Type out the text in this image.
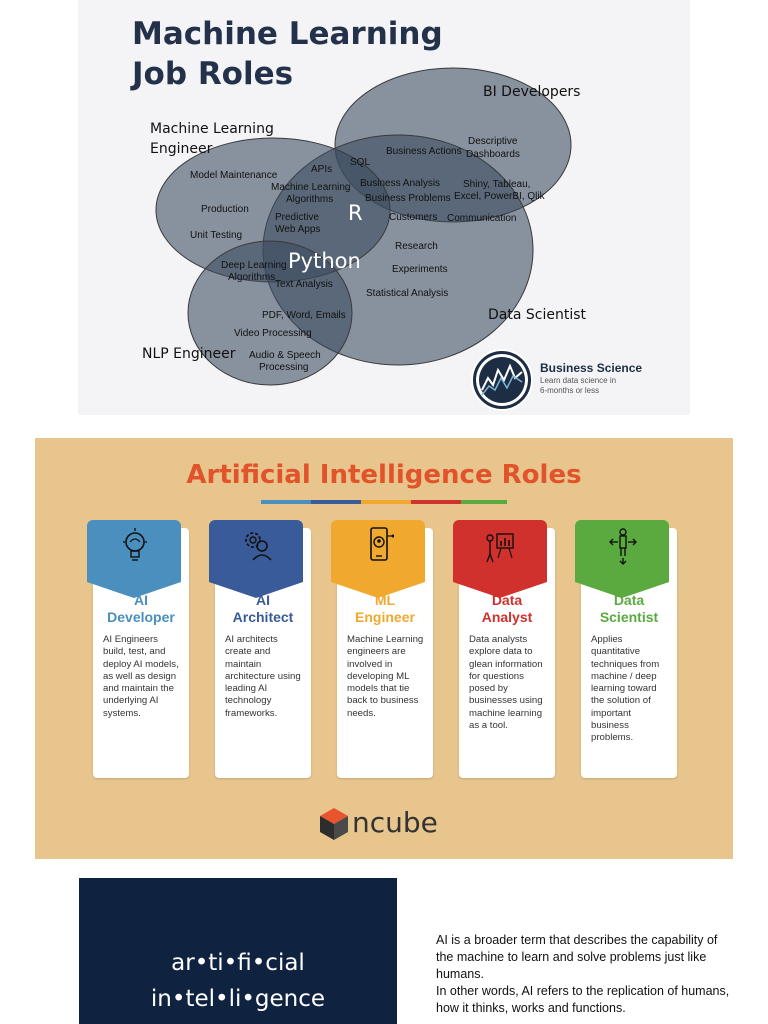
Machine Learning
Job Roles
Machine Learning
Engineer
BI Developers
Data Scientist
NLP Engineer
Model Maintenance
Production
Unit Testing
APIs
SQL
Machine Learning
Algorithms
Predictive
Web Apps
Business Actions
Descriptive
Dashboards
Business Analysis
Business Problems
Shiny, Tableau,
Excel, PowerBI, Qlik
Customers Communication
R
Python
Research
Experiments
Deep Learning
Algorithms
Text Analysis
Statistical Analysis
PDF, Word, Emails
Video Processing
Audio & Speech
Processing	Business Science
Learn data science in
6-months or less
Artificial Intelligence Roles
AI
Developer
AI Engineers build, test, and deploy AI models, as well as design and maintain the underlying AI systems.
AI
Architect
AI architects create and maintain architecture using leading AI technology frameworks.
ML
Engineer
Machine Learning engineers are involved in developing ML models that tie back to business needs.
Data
Analyst
Data analysts explore data to glean information for questions posed by businesses using machine learning as a tool.
Data
Scientist
Applies quantitative techniques from machine / deep learning toward the solution of important business problems.
ncube
ar•ti•fi•cial
in•tel•li•gence

AI is a broader term that describes the capability of the machine to learn and solve problems just like humans.

In other words, AI refers to the replication of humans, how it thinks, works and functions.
